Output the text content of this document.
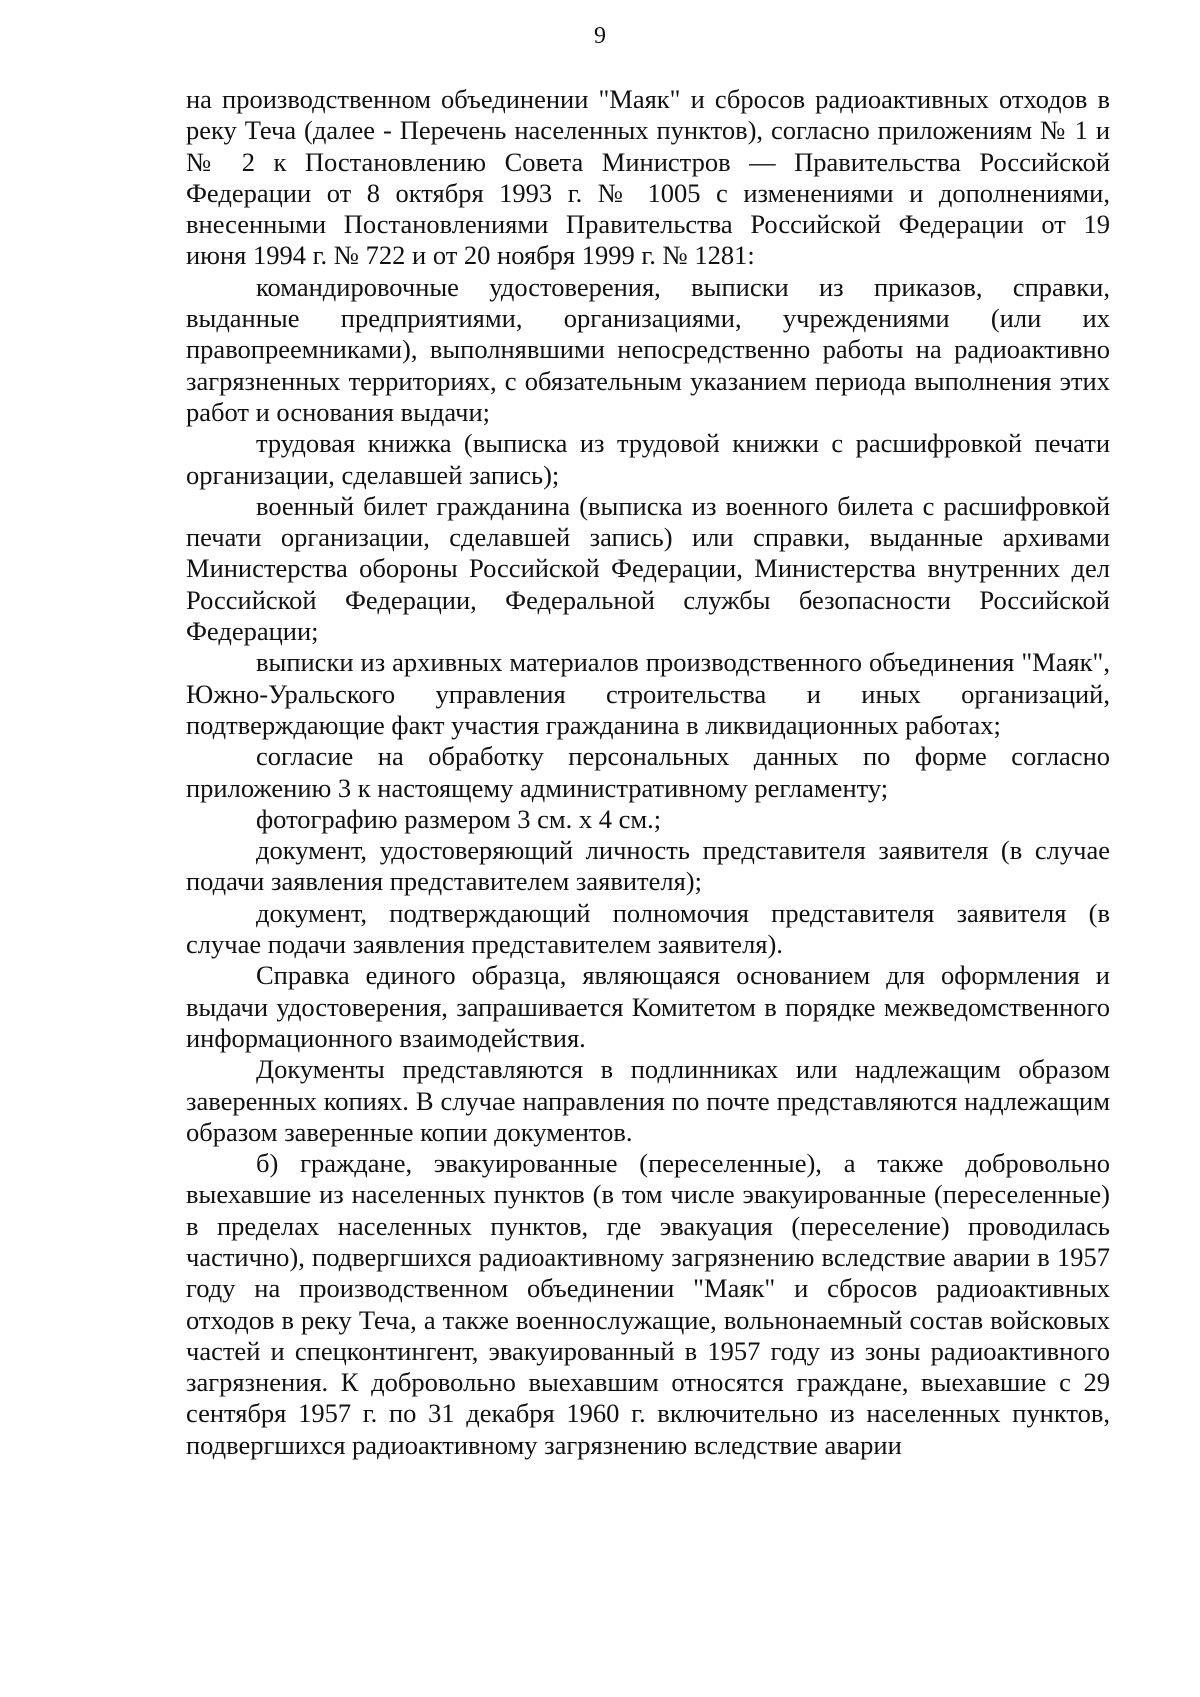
9

на производственном объединении "Маяк" и сбросов радиоактивных отходов в реку Теча (далее - Перечень населенных пунктов), согласно приложениям № 1 и № 2 к Постановлению Совета Министров — Правительства Российской Федерации от 8 октября 1993 г. № 1005 с изменениями и дополнениями, внесенными Постановлениями Правительства Российской Федерации от 19 июня 1994 г. № 722 и от 20 ноября 1999 г. № 1281:

командировочные удостоверения, выписки из приказов, справки, выданные предприятиями, организациями, учреждениями (или их правопреемниками), выполнявшими непосредственно работы на радиоактивно загрязненных территориях, с обязательным указанием периода выполнения этих работ и основания выдачи;

трудовая книжка (выписка из трудовой книжки с расшифровкой печати организации, сделавшей запись);

военный билет гражданина (выписка из военного билета с расшифровкой печати организации, сделавшей запись) или справки, выданные архивами Министерства обороны Российской Федерации, Министерства внутренних дел Российской Федерации, Федеральной службы безопасности Российской Федерации;

выписки из архивных материалов производственного объединения "Маяк", Южно-Уральского управления строительства и иных организаций, подтверждающие факт участия гражданина в ликвидационных работах;

согласие на обработку персональных данных по форме согласно приложению 3 к настоящему административному регламенту;

фотографию размером 3 см. х 4 см.;

документ, удостоверяющий личность представителя заявителя (в случае подачи заявления представителем заявителя);

документ, подтверждающий полномочия представителя заявителя (в случае подачи заявления представителем заявителя).

Справка единого образца, являющаяся основанием для оформления и выдачи удостоверения, запрашивается Комитетом в порядке межведомственного информационного взаимодействия.

Документы представляются в подлинниках или надлежащим образом заверенных копиях. В случае направления по почте представляются надлежащим образом заверенные копии документов.

б) граждане, эвакуированные (переселенные), а также добровольно выехавшие из населенных пунктов (в том числе эвакуированные (переселенные) в пределах населенных пунктов, где эвакуация (переселение) проводилась частично), подвергшихся радиоактивному загрязнению вследствие аварии в 1957 году на производственном объединении "Маяк" и сбросов радиоактивных отходов в реку Теча, а также военнослужащие, вольнонаемный состав войсковых частей и спецконтингент, эвакуированный в 1957 году из зоны радиоактивного загрязнения. К добровольно выехавшим относятся граждане, выехавшие с 29 сентября 1957 г. по 31 декабря 1960 г. включительно из населенных пунктов, подвергшихся радиоактивному загрязнению вследствие аварии
